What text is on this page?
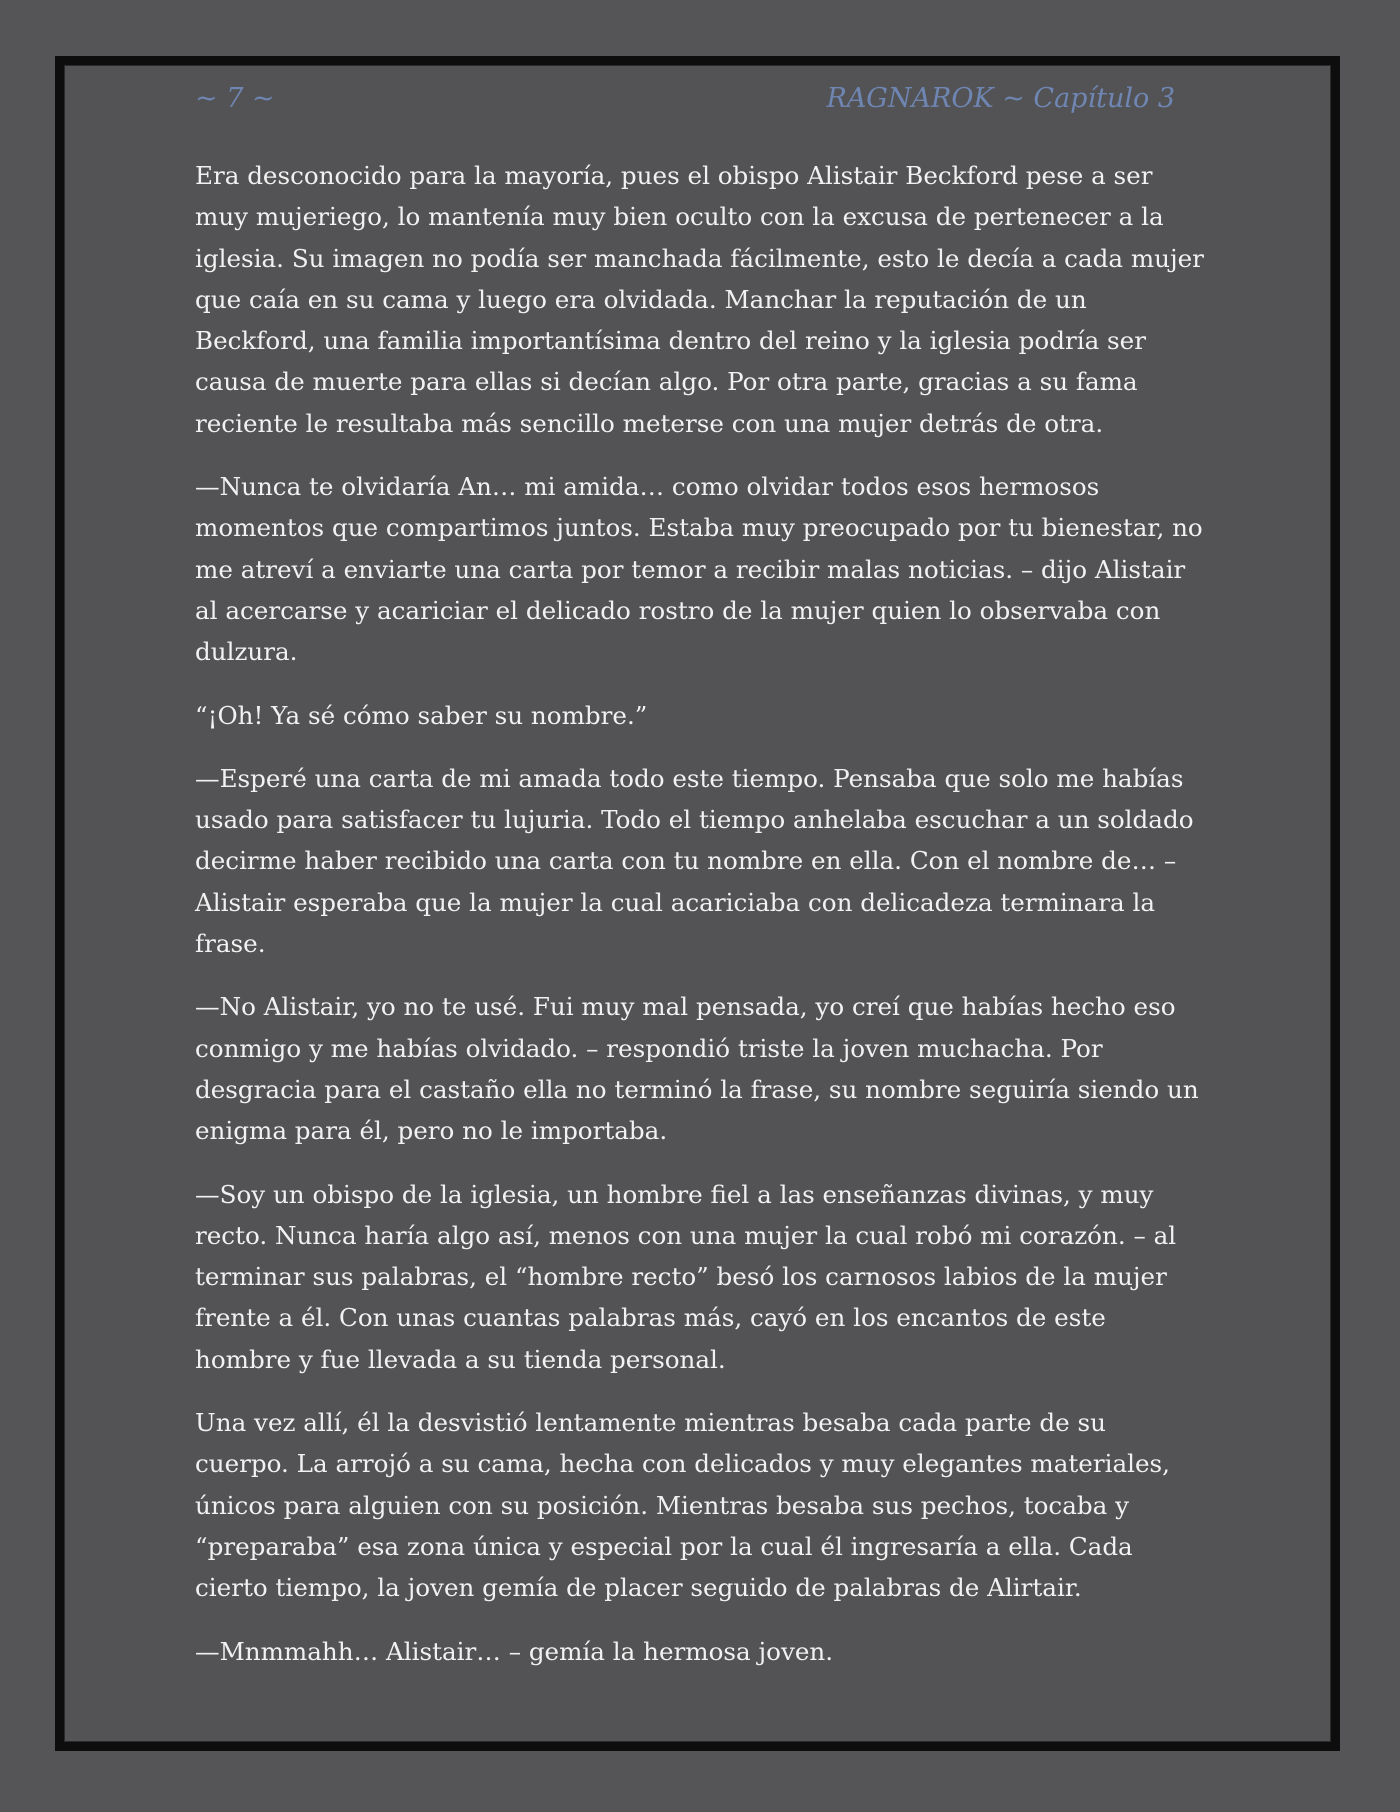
~ 7 ~	RAGNAROK ~ Capítulo 3

Era desconocido para la mayoría, pues el obispo Alistair Beckford pese a ser muy mujeriego, lo mantenía muy bien oculto con la excusa de pertenecer a la iglesia. Su imagen no podía ser manchada fácilmente, esto le decía a cada mujer que caía en su cama y luego era olvidada. Manchar la reputación de un Beckford, una familia importantísima dentro del reino y la iglesia podría ser causa de muerte para ellas si decían algo. Por otra parte, gracias a su fama reciente le resultaba más sencillo meterse con una mujer detrás de otra.

—Nunca te olvidaría An… mi amida… como olvidar todos esos hermosos momentos que compartimos juntos. Estaba muy preocupado por tu bienestar, no me atreví a enviarte una carta por temor a recibir malas noticias. – dijo Alistair al acercarse y acariciar el delicado rostro de la mujer quien lo observaba con dulzura.

“¡Oh! Ya sé cómo saber su nombre.”

—Esperé una carta de mi amada todo este tiempo. Pensaba que solo me habías usado para satisfacer tu lujuria. Todo el tiempo anhelaba escuchar a un soldado decirme haber recibido una carta con tu nombre en ella. Con el nombre de… – Alistair esperaba que la mujer la cual acariciaba con delicadeza terminara la frase.

—No Alistair, yo no te usé. Fui muy mal pensada, yo creí que habías hecho eso conmigo y me habías olvidado. – respondió triste la joven muchacha. Por desgracia para el castaño ella no terminó la frase, su nombre seguiría siendo un enigma para él, pero no le importaba.

—Soy un obispo de la iglesia, un hombre fiel a las enseñanzas divinas, y muy recto. Nunca haría algo así, menos con una mujer la cual robó mi corazón. – al terminar sus palabras, el “hombre recto” besó los carnosos labios de la mujer frente a él. Con unas cuantas palabras más, cayó en los encantos de este hombre y fue llevada a su tienda personal.

Una vez allí, él la desvistió lentamente mientras besaba cada parte de su cuerpo. La arrojó a su cama, hecha con delicados y muy elegantes materiales, únicos para alguien con su posición. Mientras besaba sus pechos, tocaba y “preparaba” esa zona única y especial por la cual él ingresaría a ella. Cada cierto tiempo, la joven gemía de placer seguido de palabras de Alirtair.

—Mnmmahh… Alistair… – gemía la hermosa joven.
